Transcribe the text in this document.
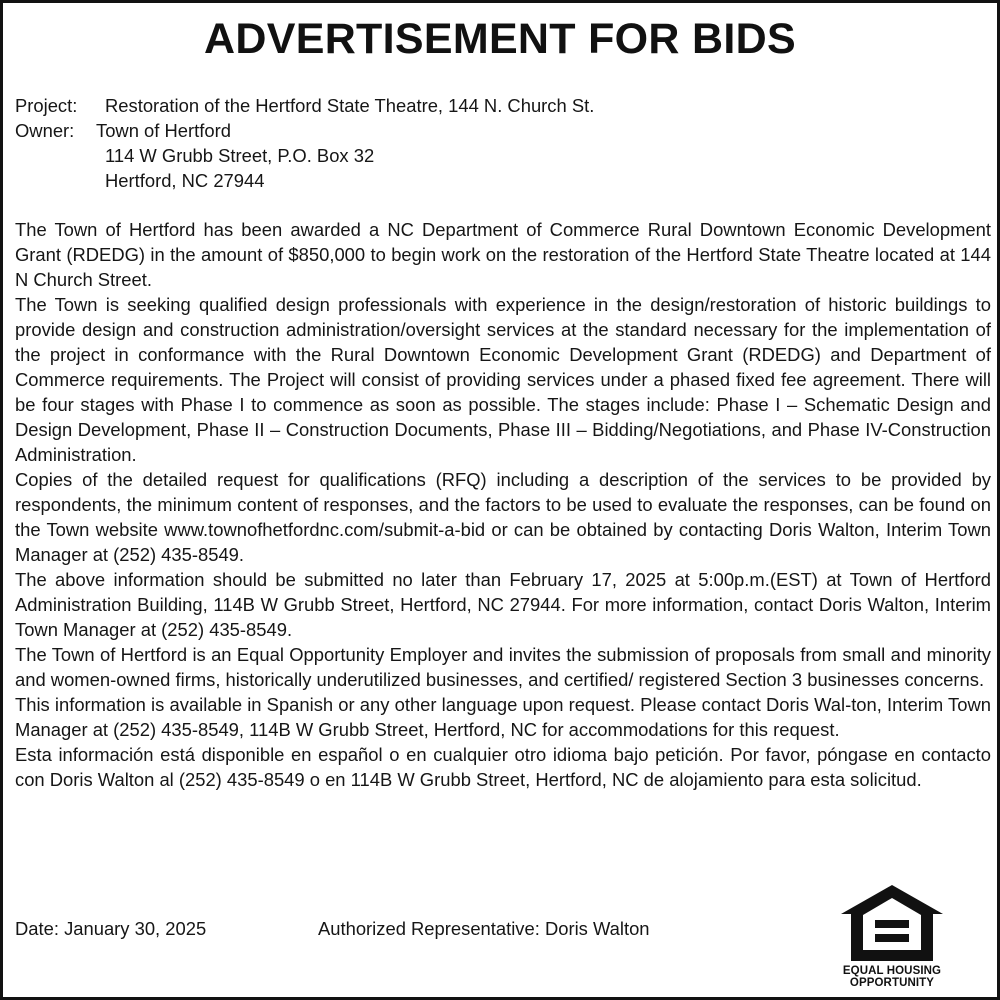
ADVERTISEMENT FOR BIDS
Project: Restoration of the Hertford State Theatre, 144 N. Church St.
Owner: Town of Hertford
114 W Grubb Street, P.O. Box 32
Hertford, NC 27944

The Town of Hertford has been awarded a NC Department of Commerce Rural Downtown Economic Development Grant (RDEDG) in the amount of $850,000 to begin work on the restoration of the Hertford State Theatre located at 144 N Church Street.

The Town is seeking qualified design professionals with experience in the design/restoration of historic buildings to provide design and construction administration/oversight services at the standard necessary for the implementation of the project in conformance with the Rural Downtown Economic Development Grant (RDEDG) and Department of Commerce requirements. The Project will consist of providing services under a phased fixed fee agreement. There will be four stages with Phase I to commence as soon as possible. The stages include: Phase I – Schematic Design and Design Development, Phase II – Construction Documents, Phase III – Bidding/Negotiations, and Phase IV-Construction Administration.

Copies of the detailed request for qualifications (RFQ) including a description of the services to be provided by respondents, the minimum content of responses, and the factors to be used to evaluate the responses, can be found on the Town website www.townofhetfordnc.com/submit-a-bid or can be obtained by contacting Doris Walton, Interim Town Manager at (252) 435-8549.

The above information should be submitted no later than February 17, 2025 at 5:00p.m.(EST) at Town of Hertford Administration Building, 114B W Grubb Street, Hertford, NC 27944. For more information, contact Doris Walton, Interim Town Manager at (252) 435-8549.

The Town of Hertford is an Equal Opportunity Employer and invites the submission of proposals from small and minority and women-owned firms, historically underutilized businesses, and certified/ registered Section 3 businesses concerns.

This information is available in Spanish or any other language upon request. Please contact Doris Wal-ton, Interim Town Manager at (252) 435-8549, 114B W Grubb Street, Hertford, NC for accommodations for this request.

Esta información está disponible en español o en cualquier otro idioma bajo petición. Por favor, póngase en contacto con Doris Walton al (252) 435-8549 o en 114B W Grubb Street, Hertford, NC de alojamiento para esta solicitud.

Date: January 30, 2025	Authorized Representative: Doris Walton
EQUAL HOUSING
OPPORTUNITY
